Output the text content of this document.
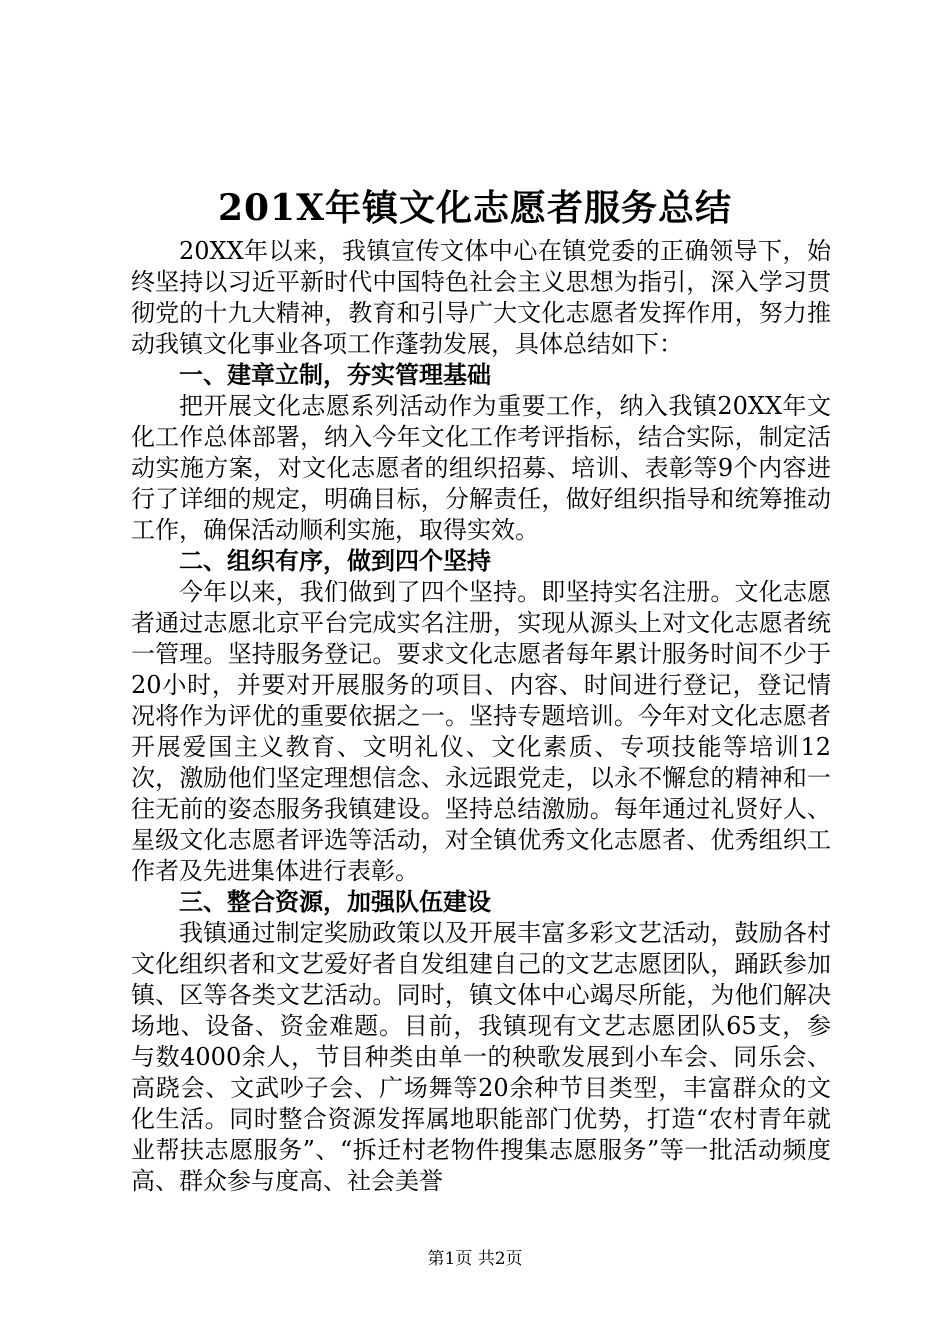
201X年镇文化志愿者服务总结

20XX年以来，我镇宣传文体中心在镇党委的正确领导下，始终坚持以习近平新时代中国特色社会主义思想为指引，深入学习贯彻党的十九大精神，教育和引导广大文化志愿者发挥作用，努力推动我镇文化事业各项工作蓬勃发展，具体总结如下：

一、建章立制，夯实管理基础

把开展文化志愿系列活动作为重要工作，纳入我镇20XX年文化工作总体部署，纳入今年文化工作考评指标，结合实际，制定活动实施方案，对文化志愿者的组织招募、培训、表彰等9个内容进行了详细的规定，明确目标，分解责任，做好组织指导和统筹推动工作，确保活动顺利实施，取得实效。

二、组织有序，做到四个坚持

今年以来，我们做到了四个坚持。即坚持实名注册。文化志愿者通过志愿北京平台完成实名注册，实现从源头上对文化志愿者统一管理。坚持服务登记。要求文化志愿者每年累计服务时间不少于20小时，并要对开展服务的项目、内容、时间进行登记，登记情况将作为评优的重要依据之一。坚持专题培训。今年对文化志愿者开展爱国主义教育、文明礼仪、文化素质、专项技能等培训12次，激励他们坚定理想信念、永远跟党走，以永不懈怠的精神和一往无前的姿态服务我镇建设。坚持总结激励。每年通过礼贤好人、星级文化志愿者评选等活动，对全镇优秀文化志愿者、优秀组织工作者及先进集体进行表彰。

三、整合资源，加强队伍建设

我镇通过制定奖励政策以及开展丰富多彩文艺活动，鼓励各村文化组织者和文艺爱好者自发组建自己的文艺志愿团队，踊跃参加镇、区等各类文艺活动。同时，镇文体中心竭尽所能，为他们解决场地、设备、资金难题。目前，我镇现有文艺志愿团队65支，参与数4000余人，节目种类由单一的秧歌发展到小车会、同乐会、高跷会、文武吵子会、广场舞等20余种节目类型，丰富群众的文化生活。同时整合资源发挥属地职能部门优势，打造“农村青年就业帮扶志愿服务”、“拆迁村老物件搜集志愿服务”等一批活动频度高、群众参与度高、社会美誉

第1页 共2页
